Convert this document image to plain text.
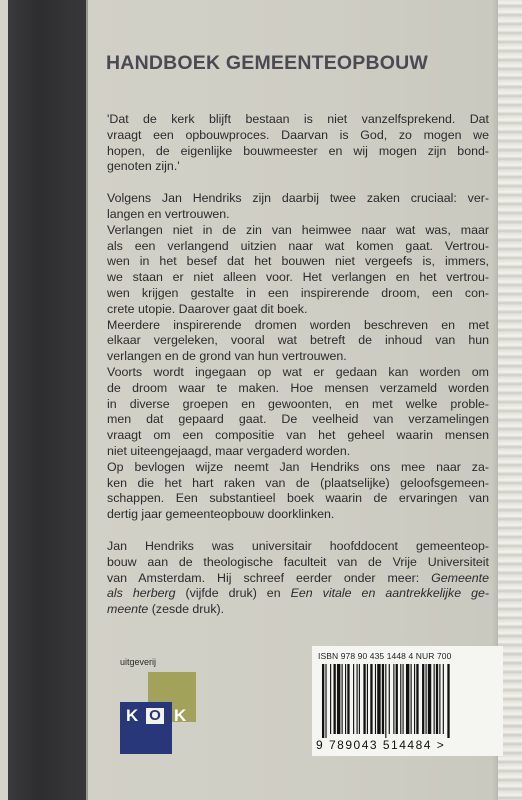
HANDBOEK GEMEENTEOPBOUW
'Dat de kerk blijft bestaan is niet vanzelfsprekend. Dat
vraagt een opbouwproces. Daarvan is God, zo mogen we
hopen, de eigenlijke bouwmeester en wij mogen zijn bond-
genoten zijn.'
Volgens Jan Hendriks zijn daarbij twee zaken cruciaal: ver-
langen en vertrouwen.
Verlangen niet in de zin van heimwee naar wat was, maar
als een verlangend uitzien naar wat komen gaat. Vertrou-
wen in het besef dat het bouwen niet vergeefs is, immers,
we staan er niet alleen voor. Het verlangen en het vertrou-
wen krijgen gestalte in een inspirerende droom, een con-
crete utopie. Daarover gaat dit boek.
Meerdere inspirerende dromen worden beschreven en met
elkaar vergeleken, vooral wat betreft de inhoud van hun
verlangen en de grond van hun vertrouwen.
Voorts wordt ingegaan op wat er gedaan kan worden om
de droom waar te maken. Hoe mensen verzameld worden
in diverse groepen en gewoonten, en met welke proble-
men dat gepaard gaat. De veelheid van verzamelingen
vraagt om een compositie van het geheel waarin mensen
niet uiteengejaagd, maar vergaderd worden.
Op bevlogen wijze neemt Jan Hendriks ons mee naar za-
ken die het hart raken van de (plaatselijke) geloofsgemeen-
schappen. Een substantieel boek waarin de ervaringen van
dertig jaar gemeenteopbouw doorklinken.
Jan Hendriks was universitair hoofddocent gemeenteop-
bouw aan de theologische faculteit van de Vrije Universiteit
van Amsterdam. Hij schreef eerder onder meer: Gemeente
als herberg (vijfde druk) en Een vitale en aantrekkelijke ge-
meente (zesde druk).
uitgeverij
K O K
ISBN 978 90 435 1448 4 NUR 700
9 789043 514484 >
